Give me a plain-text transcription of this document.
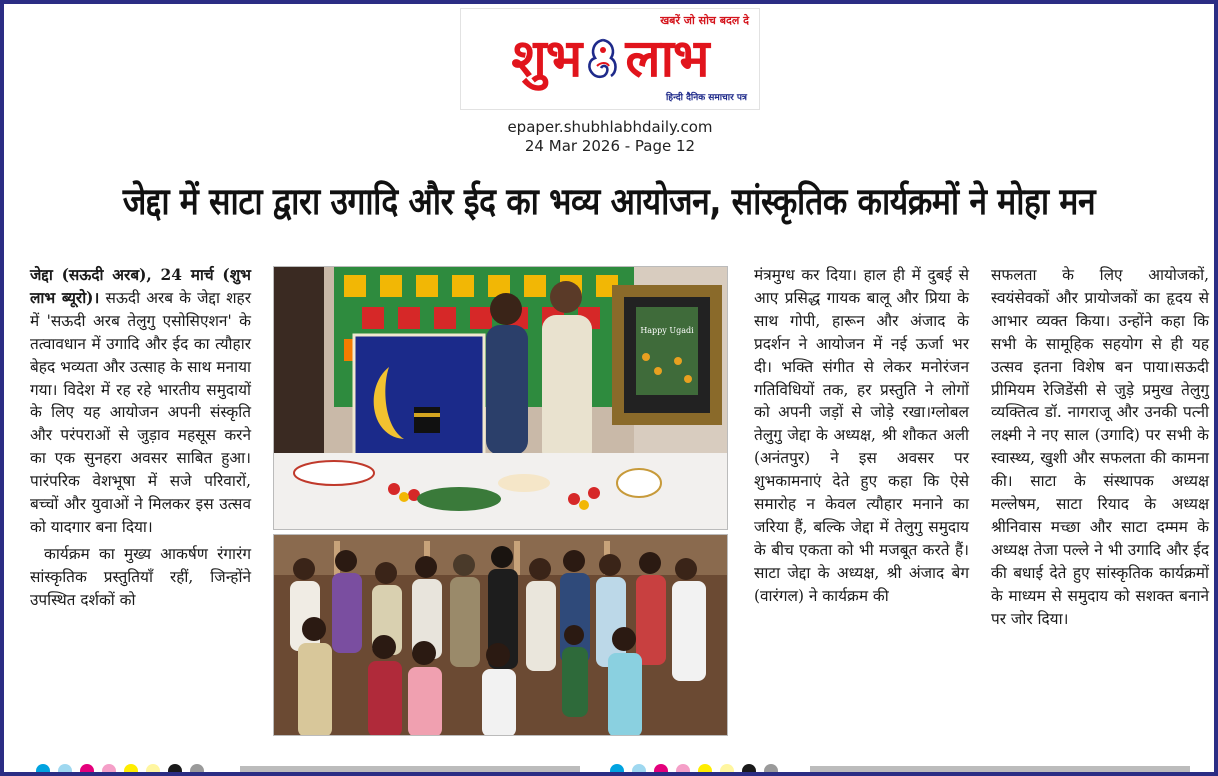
खबरें जो सोच बदल दे
शुभ लाभ
हिन्दी दैनिक समाचार पत्र
epaper.shubhlabhdaily.com
24 Mar 2026 - Page 12
जेद्दा में साटा द्वारा उगादि और ईद का भव्य आयोजन, सांस्कृतिक कार्यक्रमों ने मोहा मन

जेद्दा (सऊदी अरब), 24 मार्च (शुभ लाभ ब्यूरो)। सऊदी अरब के जेद्दा शहर में 'सऊदी अरब तेलुगु एसोसिएशन' के तत्वावधान में उगादि और ईद का त्यौहार बेहद भव्यता और उत्साह के साथ मनाया गया। विदेश में रह रहे भारतीय समुदायों के लिए यह आयोजन अपनी संस्कृति और परंपराओं से जुड़ाव महसूस करने का एक सुनहरा अवसर साबित हुआ। पारंपरिक वेशभूषा में सजे परिवारों, बच्चों और युवाओं ने मिलकर इस उत्सव को यादगार बना दिया।

कार्यक्रम का मुख्य आकर्षण रंगारंग सांस्कृतिक प्रस्तुतियाँ रहीं, जिन्होंने उपस्थित दर्शकों को

Happy Ugadi

मंत्रमुग्ध कर दिया। हाल ही में दुबई से आए प्रसिद्ध गायक बालू और प्रिया के साथ गोपी, हारून और अंजाद के प्रदर्शन ने आयोजन में नई ऊर्जा भर दी। भक्ति संगीत से लेकर मनोरंजन गतिविधियों तक, हर प्रस्तुति ने लोगों को अपनी जड़ों से जोड़े रखा।ग्लोबल तेलुगु जेद्दा के अध्यक्ष, श्री शौकत अली (अनंतपुर) ने इस अवसर पर शुभकामनाएं देते हुए कहा कि ऐसे समारोह न केवल त्यौहार मनाने का जरिया हैं, बल्कि जेद्दा में तेलुगु समुदाय के बीच एकता को भी मजबूत करते हैं।साटा जेद्दा के अध्यक्ष, श्री अंजाद बेग (वारंगल) ने कार्यक्रम की

सफलता के लिए आयोजकों, स्वयंसेवकों और प्रायोजकों का हृदय से आभार व्यक्त किया। उन्होंने कहा कि सभी के सामूहिक सहयोग से ही यह उत्सव इतना विशेष बन पाया।सऊदी प्रीमियम रेजिडेंसी से जुड़े प्रमुख तेलुगु व्यक्तित्व डॉ. नागराजू और उनकी पत्नी लक्ष्मी ने नए साल (उगादि) पर सभी के स्वास्थ्य, खुशी और सफलता की कामना की। साटा के संस्थापक अध्यक्ष मल्लेषम, साटा रियाद के अध्यक्ष श्रीनिवास मच्छा और साटा दम्मम के अध्यक्ष तेजा पल्ले ने भी उगादि और ईद की बधाई देते हुए सांस्कृतिक कार्यक्रमों के माध्यम से समुदाय को सशक्त बनाने पर जोर दिया।
